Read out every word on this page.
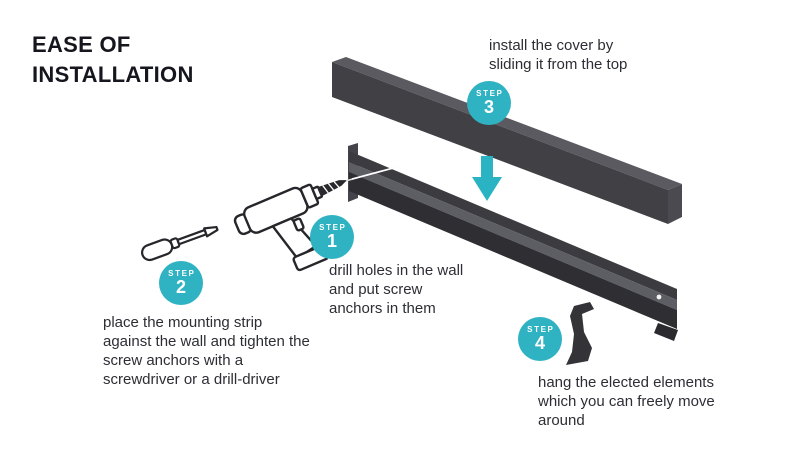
EASE OF INSTALLATION
STEP
1
STEP
2
STEP
3
STEP
4
drill holes in the wall and put screw anchors in them
place the mounting strip against the wall and tighten the screw anchors with a screwdriver or a drill-driver
install the cover by sliding it from the top
hang the elected elements which you can freely move around
